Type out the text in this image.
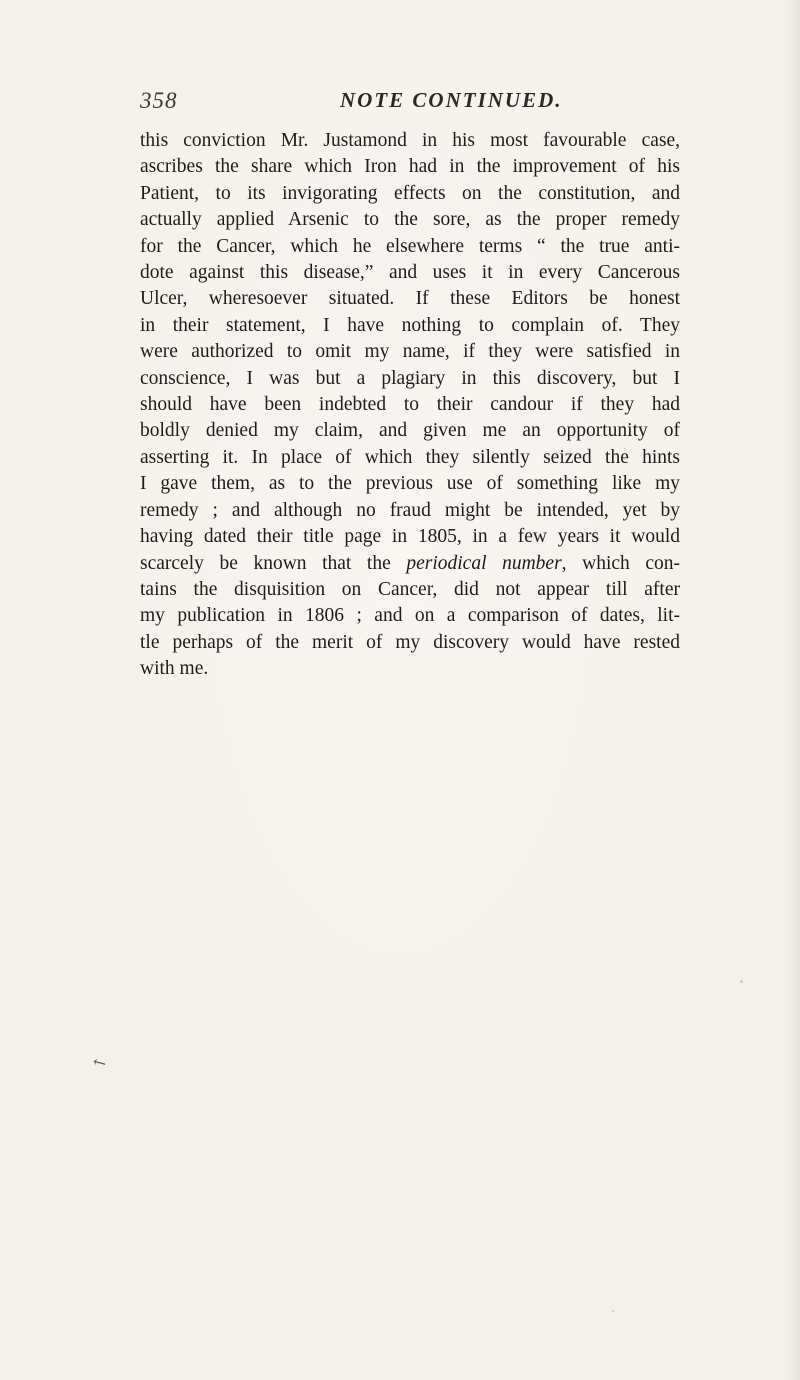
358	NOTE CONTINUED.
this conviction Mr. Justamond in his most favourable case,
ascribes the share which Iron had in the improvement of his
Patient, to its invigorating effects on the constitution, and
actually applied Arsenic to the sore, as the proper remedy
for the Cancer, which he elsewhere terms “ the true anti-
dote against this disease,” and uses it in every Cancerous
Ulcer, wheresoever situated. If these Editors be honest
in their statement, I have nothing to complain of. They
were authorized to omit my name, if they were satisfied in
conscience, I was but a plagiary in this discovery, but I
should have been indebted to their candour if they had
boldly denied my claim, and given me an opportunity of
asserting it. In place of which they silently seized the hints
I gave them, as to the previous use of something like my
remedy ; and although no fraud might be intended, yet by
having dated their title page in 1805, in a few years it would
scarcely be known that the periodical number, which con-
tains the disquisition on Cancer, did not appear till after
my publication in 1806 ; and on a comparison of dates, lit-
tle perhaps of the merit of my discovery would have rested
with me.
↖
